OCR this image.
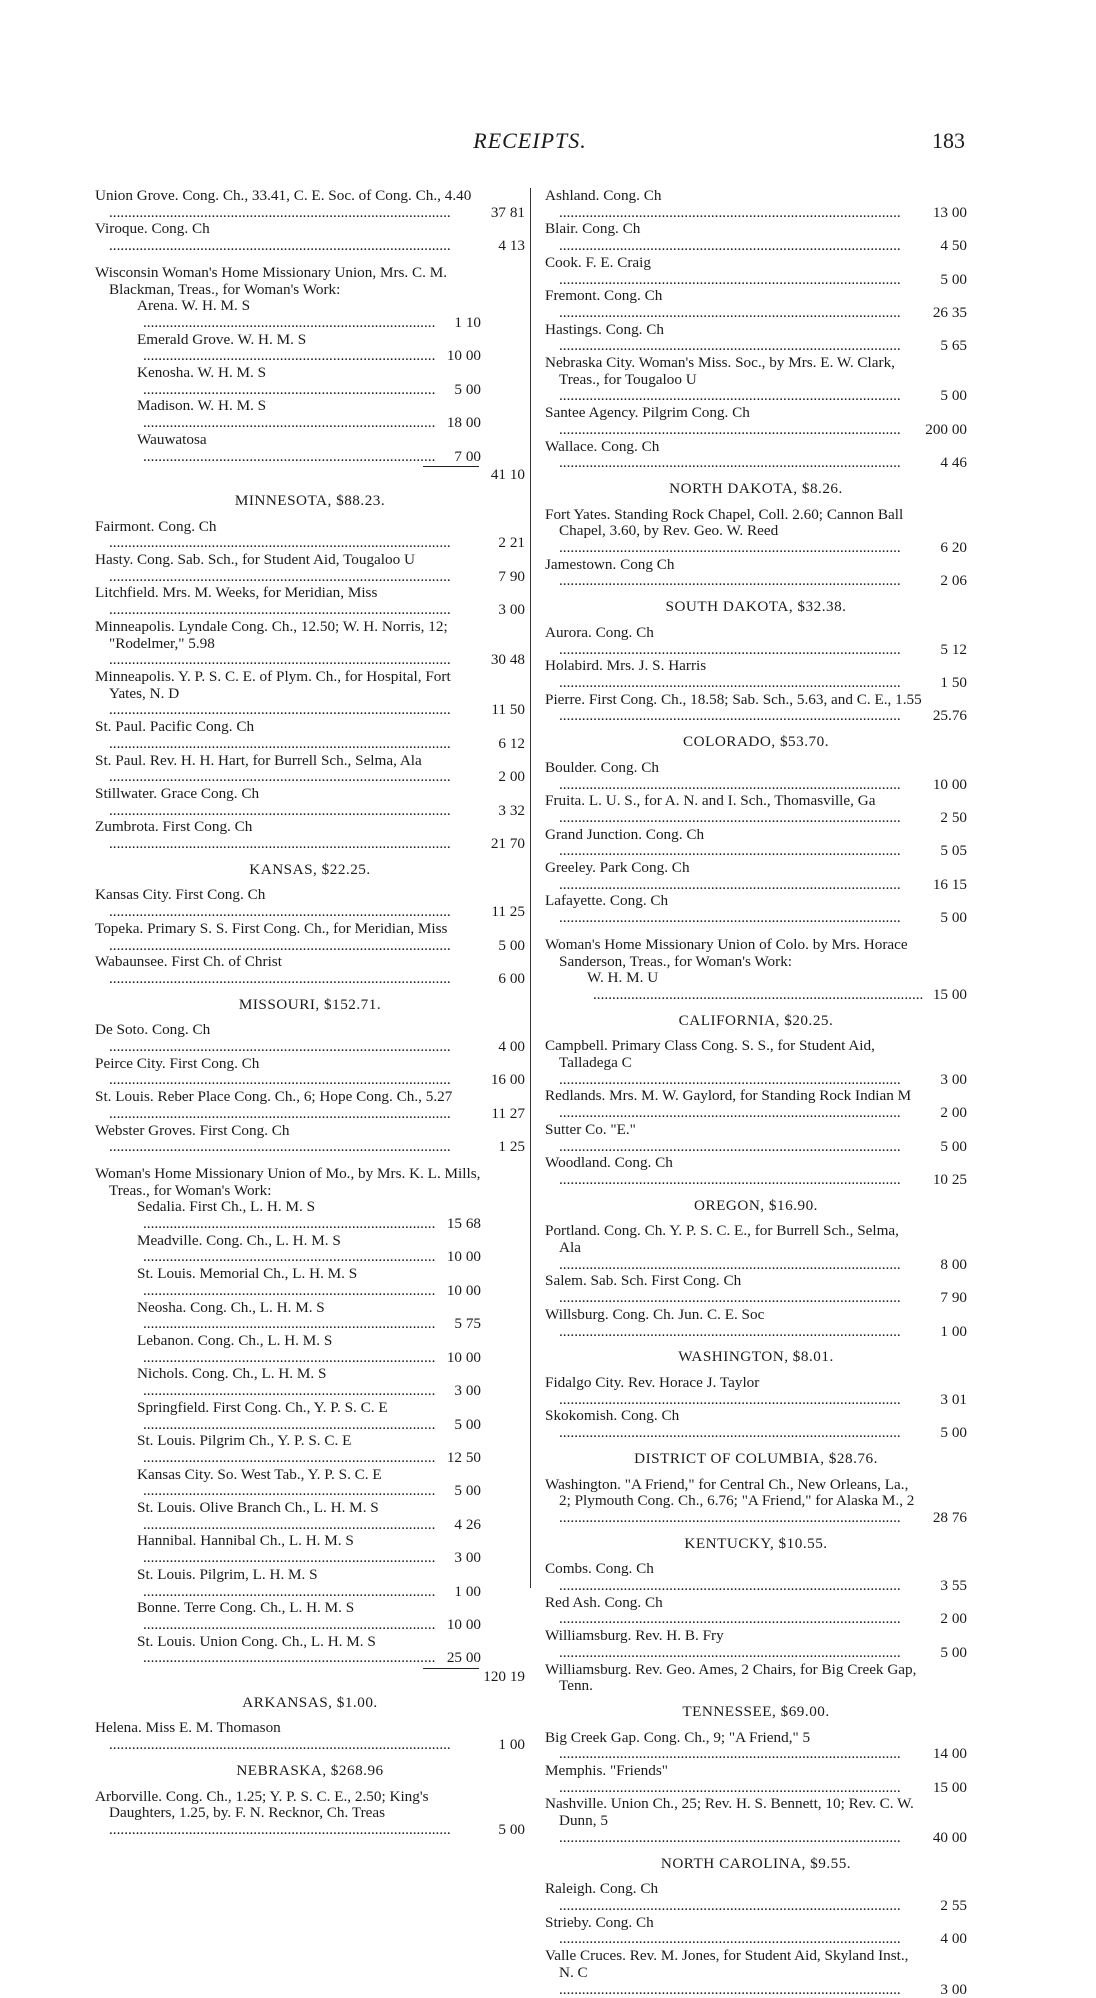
RECEIPTS.	183
Union Grove. Cong. Ch., 33.41, C. E. Soc. of Cong. Ch., 4.40 .....
37 81
Viroque. Cong. Ch .....
4 13
Wisconsin Woman's Home Missionary Union, Mrs. C. M. Blackman, Treas., for Woman's Work:
Arena. W. H. M. S .....
1 10
Emerald Grove. W. H. M. S .....
10 00
Kenosha. W. H. M. S .....
5 00
Madison. W. H. M. S .....
18 00
Wauwatosa .....
7 00
41 10
MINNESOTA, $88.23.
Fairmont. Cong. Ch .....
2 21
Hasty. Cong. Sab. Sch., for Student Aid, Tougaloo U .....
7 90
Litchfield. Mrs. M. Weeks, for Meridian, Miss .....
3 00
Minneapolis. Lyndale Cong. Ch., 12.50; W. H. Norris, 12; "Rodelmer," 5.98 .....
30 48
Minneapolis. Y. P. S. C. E. of Plym. Ch., for Hospital, Fort Yates, N. D .....
11 50
St. Paul. Pacific Cong. Ch .....
6 12
St. Paul. Rev. H. H. Hart, for Burrell Sch., Selma, Ala .....
2 00
Stillwater. Grace Cong. Ch .....
3 32
Zumbrota. First Cong. Ch .....
21 70
KANSAS, $22.25.
Kansas City. First Cong. Ch .....
11 25
Topeka. Primary S. S. First Cong. Ch., for Meridian, Miss .....
5 00
Wabaunsee. First Ch. of Christ .....
6 00
MISSOURI, $152.71.
De Soto. Cong. Ch .....
4 00
Peirce City. First Cong. Ch .....
16 00
St. Louis. Reber Place Cong. Ch., 6; Hope Cong. Ch., 5.27 .....
11 27
Webster Groves. First Cong. Ch .....
1 25
Woman's Home Missionary Union of Mo., by Mrs. K. L. Mills, Treas., for Woman's Work:
Sedalia. First Ch., L. H. M. S .....
15 68
Meadville. Cong. Ch., L. H. M. S .....
10 00
St. Louis. Memorial Ch., L. H. M. S .....
10 00
Neosha. Cong. Ch., L. H. M. S .....
5 75
Lebanon. Cong. Ch., L. H. M. S .....
10 00
Nichols. Cong. Ch., L. H. M. S .....
3 00
Springfield. First Cong. Ch., Y. P. S. C. E .....
5 00
St. Louis. Pilgrim Ch., Y. P. S. C. E .....
12 50
Kansas City. So. West Tab., Y. P. S. C. E .....
5 00
St. Louis. Olive Branch Ch., L. H. M. S .....
4 26
Hannibal. Hannibal Ch., L. H. M. S .....
3 00
St. Louis. Pilgrim, L. H. M. S .....
1 00
Bonne. Terre Cong. Ch., L. H. M. S .....
10 00
St. Louis. Union Cong. Ch., L. H. M. S .....
25 00
120 19
ARKANSAS, $1.00.
Helena. Miss E. M. Thomason .....
1 00
NEBRASKA, $268.96
Arborville. Cong. Ch., 1.25; Y. P. S. C. E., 2.50; King's Daughters, 1.25, by. F. N. Recknor, Ch. Treas .....
5 00
Ashland. Cong. Ch .....
13 00
Blair. Cong. Ch .....
4 50
Cook. F. E. Craig .....
5 00
Fremont. Cong. Ch .....
26 35
Hastings. Cong. Ch .....
5 65
Nebraska City. Woman's Miss. Soc., by Mrs. E. W. Clark, Treas., for Tougaloo U .....
5 00
Santee Agency. Pilgrim Cong. Ch .....
200 00
Wallace. Cong. Ch .....
4 46
NORTH DAKOTA, $8.26.
Fort Yates. Standing Rock Chapel, Coll. 2.60; Cannon Ball Chapel, 3.60, by Rev. Geo. W. Reed .....
6 20
Jamestown. Cong Ch .....
2 06
SOUTH DAKOTA, $32.38.
Aurora. Cong. Ch .....
5 12
Holabird. Mrs. J. S. Harris .....
1 50
Pierre. First Cong. Ch., 18.58; Sab. Sch., 5.63, and C. E., 1.55 .....
25.76
COLORADO, $53.70.
Boulder. Cong. Ch .....
10 00
Fruita. L. U. S., for A. N. and I. Sch., Thomasville, Ga .....
2 50
Grand Junction. Cong. Ch .....
5 05
Greeley. Park Cong. Ch .....
16 15
Lafayette. Cong. Ch .....
5 00
Woman's Home Missionary Union of Colo. by Mrs. Horace Sanderson, Treas., for Woman's Work:
W. H. M. U .....
15 00
CALIFORNIA, $20.25.
Campbell. Primary Class Cong. S. S., for Student Aid, Talladega C .....
3 00
Redlands. Mrs. M. W. Gaylord, for Standing Rock Indian M .....
2 00
Sutter Co. "E." .....
5 00
Woodland. Cong. Ch .....
10 25
OREGON, $16.90.
Portland. Cong. Ch. Y. P. S. C. E., for Burrell Sch., Selma, Ala .....
8 00
Salem. Sab. Sch. First Cong. Ch .....
7 90
Willsburg. Cong. Ch. Jun. C. E. Soc .....
1 00
WASHINGTON, $8.01.
Fidalgo City. Rev. Horace J. Taylor .....
3 01
Skokomish. Cong. Ch .....
5 00
DISTRICT OF COLUMBIA, $28.76.
Washington. "A Friend," for Central Ch., New Orleans, La., 2; Plymouth Cong. Ch., 6.76; "A Friend," for Alaska M., 2 .....
28 76
KENTUCKY, $10.55.
Combs. Cong. Ch .....
3 55
Red Ash. Cong. Ch .....
2 00
Williamsburg. Rev. H. B. Fry .....
5 00
Williamsburg. Rev. Geo. Ames, 2 Chairs, for Big Creek Gap, Tenn.
TENNESSEE, $69.00.
Big Creek Gap. Cong. Ch., 9; "A Friend," 5 .....
14 00
Memphis. "Friends" .....
15 00
Nashville. Union Ch., 25; Rev. H. S. Bennett, 10; Rev. C. W. Dunn, 5 .....
40 00
NORTH CAROLINA, $9.55.
Raleigh. Cong. Ch .....
2 55
Strieby. Cong. Ch .....
4 00
Valle Cruces. Rev. M. Jones, for Student Aid, Skyland Inst., N. C .....
3 00
